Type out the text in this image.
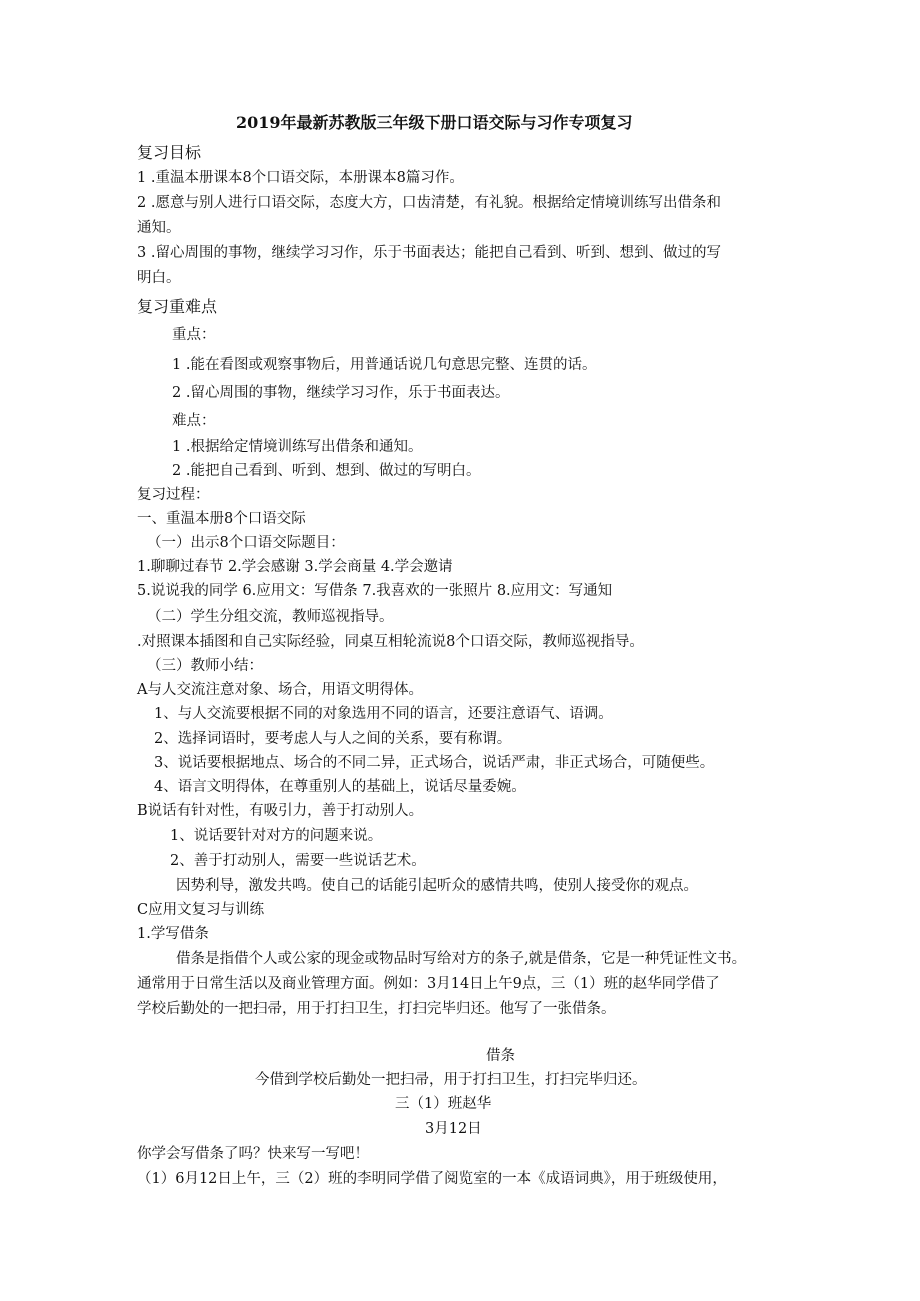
2019年最新苏教版三年级下册口语交际与习作专项复习
复习目标
1 .重温本册课本8个口语交际，本册课本8篇习作。
2 .愿意与别人进行口语交际，态度大方，口齿清楚，有礼貌。根据给定情境训练写出借条和
通知。
3 .留心周围的事物，继续学习习作，乐于书面表达；能把自己看到、听到、想到、做过的写
明白。
复习重难点
重点：
1 .能在看图或观察事物后，用普通话说几句意思完整、连贯的话。
2 .留心周围的事物，继续学习习作，乐于书面表达。
难点：
1 .根据给定情境训练写出借条和通知。
2 .能把自己看到、听到、想到、做过的写明白。
复习过程：
一、重温本册8个口语交际
（一）出示8个口语交际题目：
1.聊聊过春节 2.学会感谢 3.学会商量 4.学会邀请
5.说说我的同学 6.应用文：写借条 7.我喜欢的一张照片 8.应用文：写通知
（二）学生分组交流，教师巡视指导。
.对照课本插图和自己实际经验，同桌互相轮流说8个口语交际，教师巡视指导。
（三）教师小结：
A与人交流注意对象、场合，用语文明得体。
1、与人交流要根据不同的对象选用不同的语言，还要注意语气、语调。
2、选择词语时，要考虑人与人之间的关系，要有称谓。
3、说话要根据地点、场合的不同二异，正式场合，说话严肃，非正式场合，可随便些。
4、语言文明得体，在尊重别人的基础上，说话尽量委婉。
B说话有针对性，有吸引力，善于打动别人。
1、说话要针对对方的问题来说。
2、善于打动别人，需要一些说话艺术。
因势利导，激发共鸣。使自己的话能引起听众的感情共鸣，使别人接受你的观点。
C应用文复习与训练
1.学写借条
借条是指借个人或公家的现金或物品时写给对方的条子,就是借条，它是一种凭证性文书。
通常用于日常生活以及商业管理方面。例如：3月14日上午9点，三（1）班的赵华同学借了
学校后勤处的一把扫帚，用于打扫卫生，打扫完毕归还。他写了一张借条。
借条
今借到学校后勤处一把扫帚，用于打扫卫生，打扫完毕归还。
三（1）班赵华
3月12日
你学会写借条了吗？快来写一写吧！
（1）6月12日上午，三（2）班的李明同学借了阅览室的一本《成语词典》，用于班级使用，
